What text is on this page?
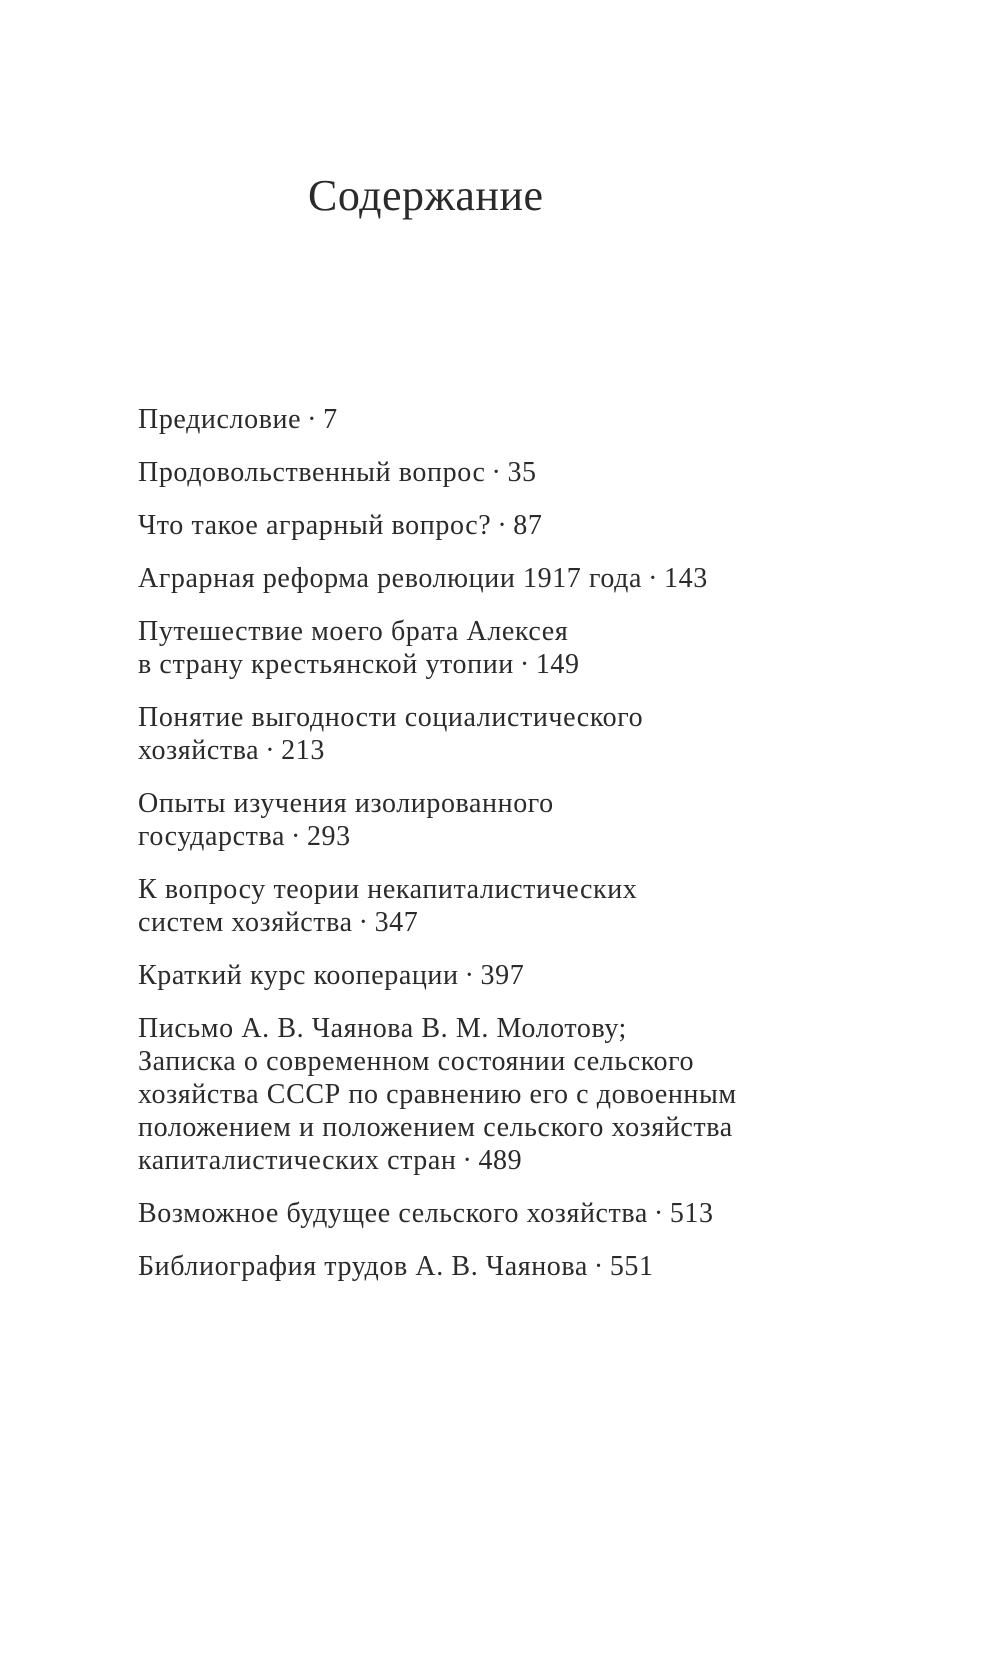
Содержание
Предисловие · 7
Продовольственный вопрос · 35
Что такое аграрный вопрос? · 87
Аграрная реформа революции 1917 года · 143
Путешествие моего брата Алексея
в страну крестьянской утопии · 149
Понятие выгодности социалистического
хозяйства · 213
Опыты изучения изолированного
государства · 293
К вопросу теории некапиталистических
систем хозяйства · 347
Краткий курс кооперации · 397
Письмо А. В. Чаянова В. М. Молотову;
Записка о современном состоянии сельского
хозяйства СССР по сравнению его с довоенным
положением и положением сельского хозяйства
капиталистических стран · 489
Возможное будущее сельского хозяйства · 513
Библиография трудов А. В. Чаянова · 551
